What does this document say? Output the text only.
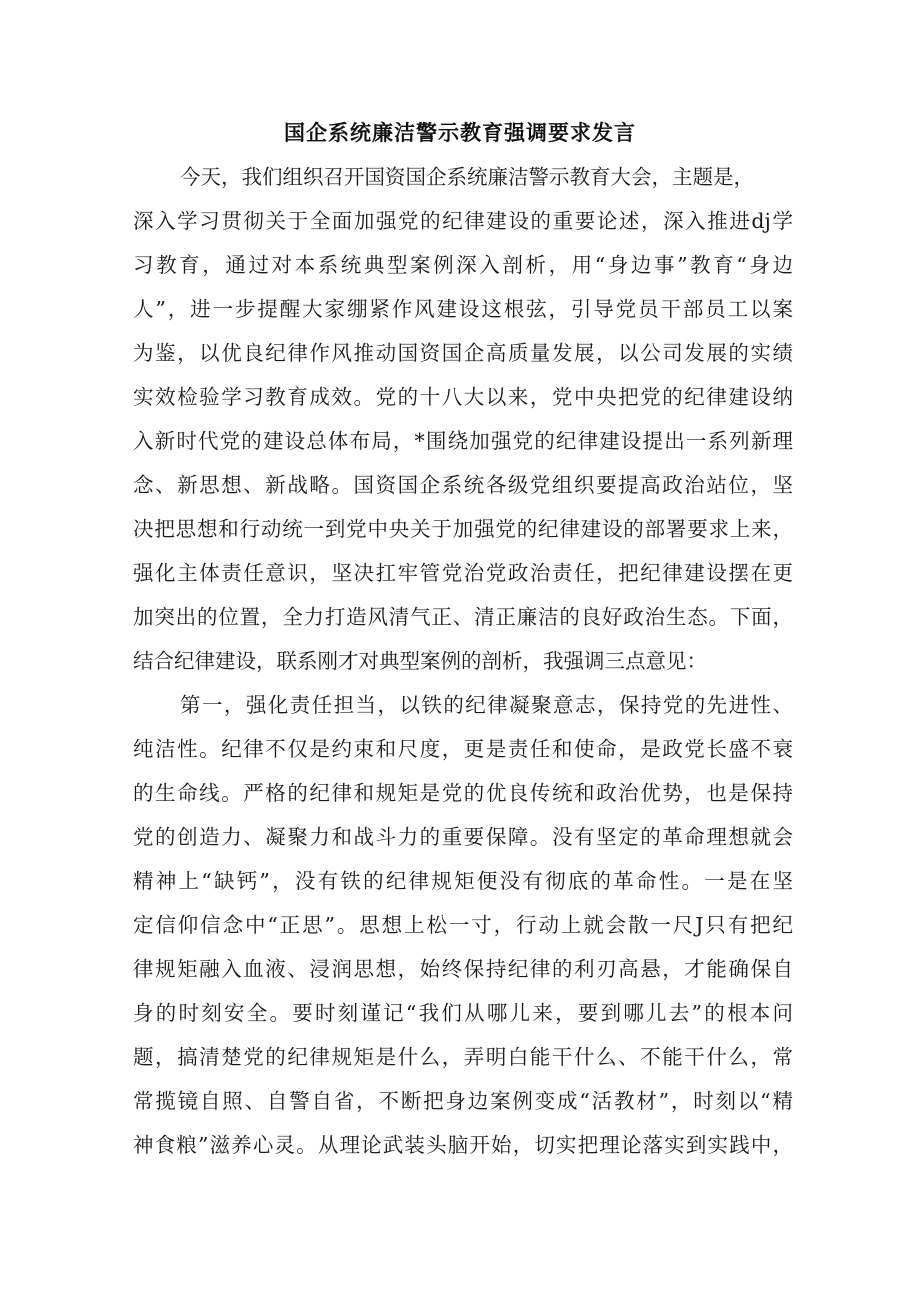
国企系统廉洁警示教育强调要求发言
今天，我们组织召开国资国企系统廉洁警示教育大会，主题是，
深入学习贯彻关于全面加强党的纪律建设的重要论述，深入推进dj学
习教育，通过对本系统典型案例深入剖析，用“身边事”教育“身边
人”，进一步提醒大家绷紧作风建设这根弦，引导党员干部员工以案
为鉴，以优良纪律作风推动国资国企高质量发展，以公司发展的实绩
实效检验学习教育成效。党的十八大以来，党中央把党的纪律建设纳
入新时代党的建设总体布局，*围绕加强党的纪律建设提出一系列新理
念、新思想、新战略。国资国企系统各级党组织要提高政治站位，坚
决把思想和行动统一到党中央关于加强党的纪律建设的部署要求上来，
强化主体责任意识，坚决扛牢管党治党政治责任，把纪律建设摆在更
加突出的位置，全力打造风清气正、清正廉洁的良好政治生态。下面，
结合纪律建设，联系刚才对典型案例的剖析，我强调三点意见：
第一，强化责任担当，以铁的纪律凝聚意志，保持党的先进性、
纯洁性。纪律不仅是约束和尺度，更是责任和使命，是政党长盛不衰
的生命线。严格的纪律和规矩是党的优良传统和政治优势，也是保持
党的创造力、凝聚力和战斗力的重要保障。没有坚定的革命理想就会
精神上“缺钙”，没有铁的纪律规矩便没有彻底的革命性。一是在坚
定信仰信念中“正思”。思想上松一寸，行动上就会散一尺J只有把纪
律规矩融入血液、浸润思想，始终保持纪律的利刃高悬，才能确保自
身的时刻安全。要时刻谨记“我们从哪儿来，要到哪儿去”的根本问
题，搞清楚党的纪律规矩是什么，弄明白能干什么、不能干什么，常
常揽镜自照、自警自省，不断把身边案例变成“活教材”，时刻以“精
神食粮”滋养心灵。从理论武装头脑开始，切实把理论落实到实践中，
